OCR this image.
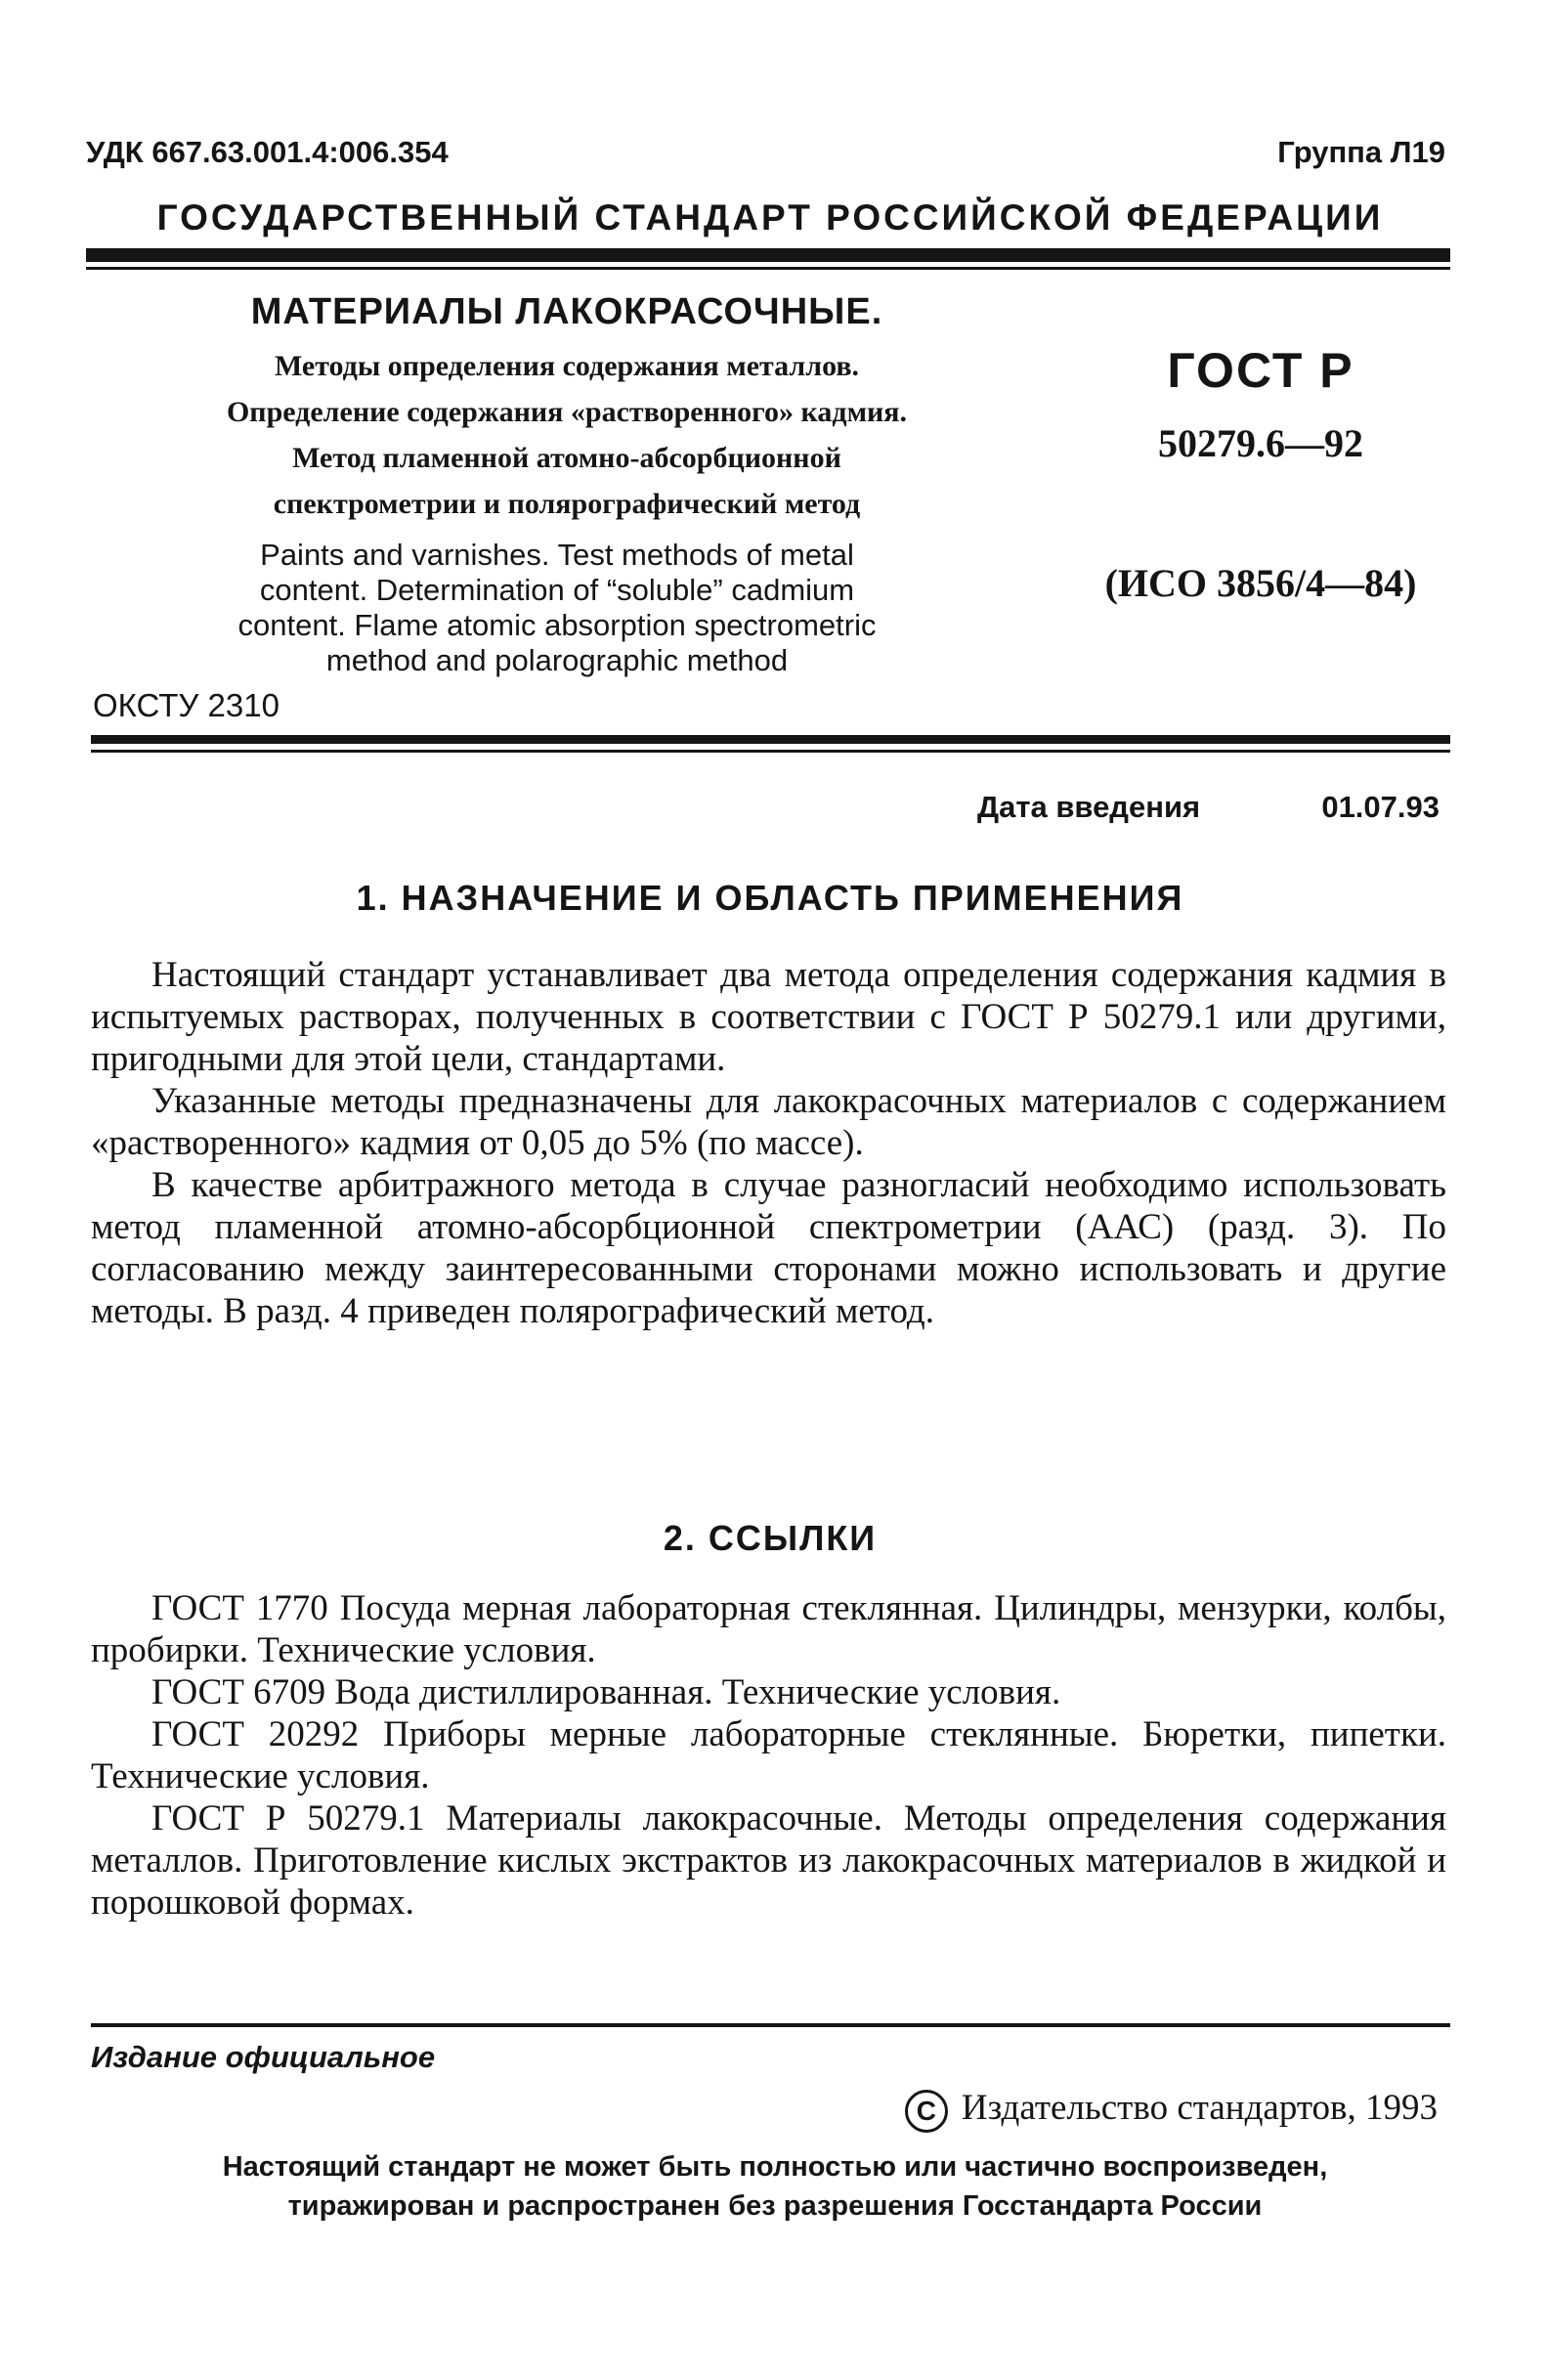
УДК 667.63.001.4:006.354	Группа Л19
ГОСУДАРСТВЕННЫЙ СТАНДАРТ РОССИЙСКОЙ ФЕДЕРАЦИИ
МАТЕРИАЛЫ ЛАКОКРАСОЧНЫЕ.
Методы определения содержания металлов.
Определение содержания «растворенного» кадмия.
Метод пламенной атомно-абсорбционной
спектрометрии и полярографический метод
Paints and varnishes. Test methods of metal
content. Determination of “soluble” cadmium
content. Flame atomic absorption spectrometric
method and polarographic method
ОКСТУ 2310
ГОСТ Р
50279.6—92
(ИСО 3856/4—84)
Дата введения	01.07.93
1. НАЗНАЧЕНИЕ И ОБЛАСТЬ ПРИМЕНЕНИЯ

Настоящий стандарт устанавливает два метода определения содержания кадмия в испытуемых растворах, полученных в соответствии с ГОСТ Р 50279.1 или другими, пригодными для этой цели, стандартами.

Указанные методы предназначены для лакокрасочных материалов с содержанием «растворенного» кадмия от 0,05 до 5% (по массе).

В качестве арбитражного метода в случае разногласий необходимо использовать метод пламенной атомно-абсорбционной спектрометрии (ААС) (разд. 3). По согласованию между заинтересованными сторонами можно использовать и другие методы. В разд. 4 приведен полярографический метод.

2. ССЫЛКИ

ГОСТ 1770 Посуда мерная лабораторная стеклянная. Цилиндры, мензурки, колбы, пробирки. Технические условия.

ГОСТ 6709 Вода дистиллированная. Технические условия.

ГОСТ 20292 Приборы мерные лабораторные стеклянные. Бюретки, пипетки. Технические условия.

ГОСТ Р 50279.1 Материалы лакокрасочные. Методы определения содержания металлов. Приготовление кислых экстрактов из лакокрасочных материалов в жидкой и порошковой формах.

Издание официальное
C Издательство стандартов, 1993
Настоящий стандарт не может быть полностью или частично воспроизведен,
тиражирован и распространен без разрешения Госстандарта России
